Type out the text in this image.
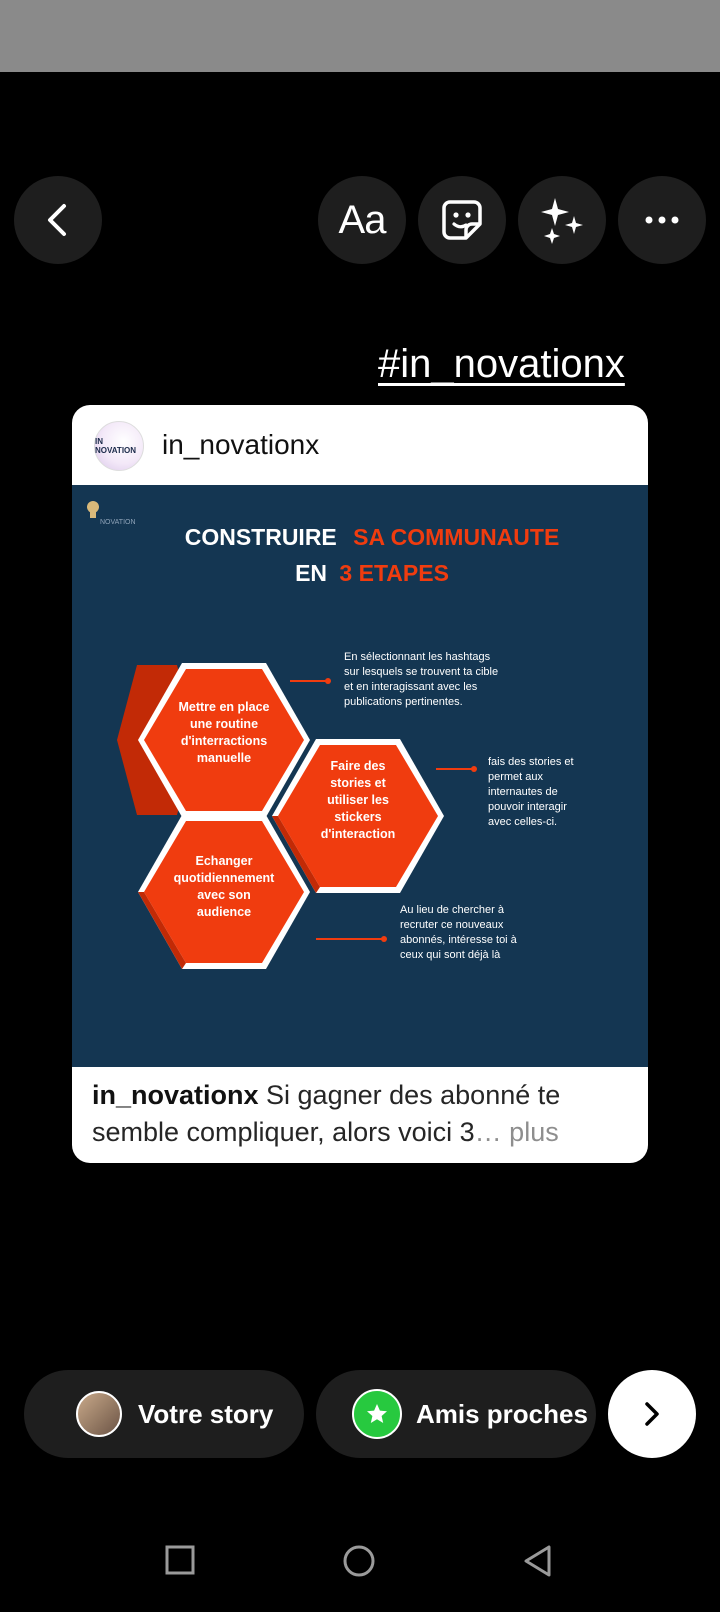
Aa
#in_novationx
IN NOVATION in_novationx
NOVATION
CONSTRUIRE SA COMMUNAUTE
EN 3 ETAPES
Mettre en place une routine d'interractions manuelle
Faire des stories et utiliser les stickers d'interaction
Echanger quotidiennement avec son audience
En sélectionnant les hashtags sur lesquels se trouvent ta cible et en interagissant avec les publications pertinentes.
fais des stories et permet aux internautes de pouvoir interagir avec celles-ci.
Au lieu de chercher à recruter ce nouveaux abonnés, intéresse toi à ceux qui sont déjà là
in_novationx Si gagner des abonné te semble compliquer, alors voici 3… plus
Votre story	Amis proches
